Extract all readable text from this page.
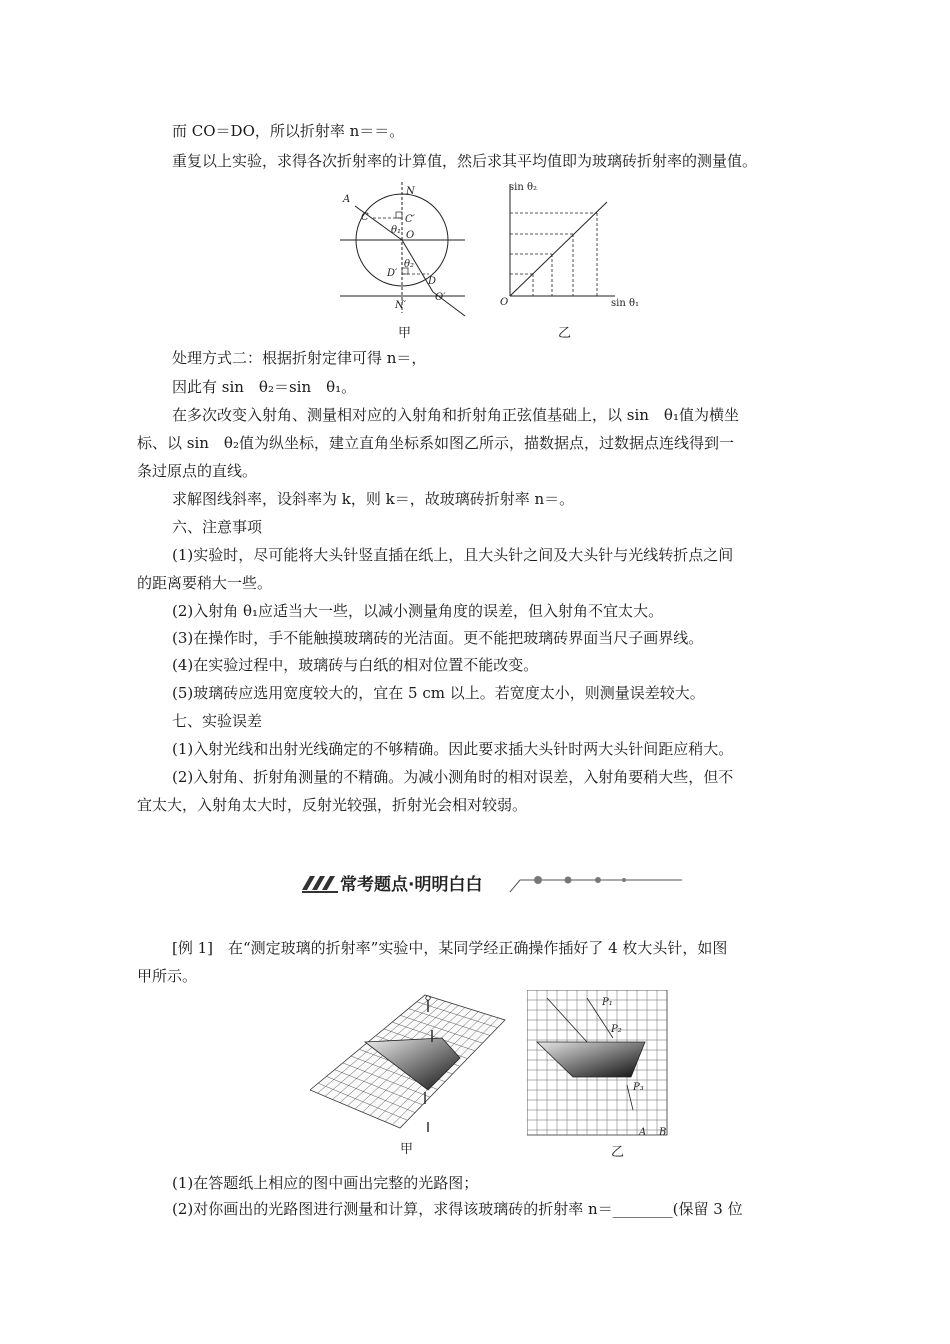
而 CO＝DO，所以折射率 n＝＝。
重复以上实验，求得各次折射率的计算值，然后求其平均值即为玻璃砖折射率的测量值。
A
C
N
C′
θ₁ O
θ₂
D′
D
O′
N′
甲
sin θ₂
sin θ₁
O
乙
处理方式二：根据折射定律可得 n＝，
因此有 sin　θ₂＝sin　θ₁。
在多次改变入射角、测量相对应的入射角和折射角正弦值基础上，以 sin　θ₁值为横坐
标、以 sin　θ₂值为纵坐标，建立直角坐标系如图乙所示，描数据点，过数据点连线得到一
条过原点的直线。
求解图线斜率，设斜率为 k，则 k＝，故玻璃砖折射率 n＝。
六、注意事项
(1)实验时，尽可能将大头针竖直插在纸上，且大头针之间及大头针与光线转折点之间
的距离要稍大一些。
(2)入射角 θ₁应适当大一些，以减小测量角度的误差，但入射角不宜太大。
(3)在操作时，手不能触摸玻璃砖的光洁面。更不能把玻璃砖界面当尺子画界线。
(4)在实验过程中，玻璃砖与白纸的相对位置不能改变。
(5)玻璃砖应选用宽度较大的，宜在 5 cm 以上。若宽度太小，则测量误差较大。
七、实验误差
(1)入射光线和出射光线确定的不够精确。因此要求插大头针时两大头针间距应稍大。
(2)入射角、折射角测量的不精确。为减小测角时的相对误差，入射角要稍大些，但不
宜太大，入射角太大时，反射光较强，折射光会相对较弱。
常考题点·明明白白
[例 1]　在“测定玻璃的折射率”实验中，某同学经正确操作插好了 4 枚大头针，如图
甲所示。
甲
P₁
P₂
P₃
A B
乙
(1)在答题纸上相应的图中画出完整的光路图；
(2)对你画出的光路图进行测量和计算，求得该玻璃砖的折射率 n＝________(保留 3 位
